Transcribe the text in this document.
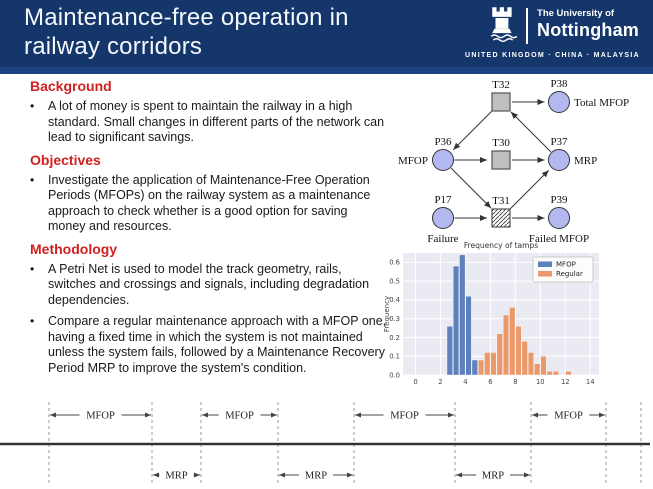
Maintenance-free operation in
railway corridors
The University of
Nottingham
UNITED KINGDOM · CHINA · MALAYSIA
Background
•	A lot of money is spent to maintain the railway in a high standard. Small changes in different parts of the network can lead to significant savings.
Objectives
•	Investigate the application of Maintenance-Free Operation Periods (MFOPs) on the railway system as a maintenance approach to check whether is a good option for saving money and resources.
Methodology
•	A Petri Net is used to model the track geometry, rails, switches and crossings and signals, including degradation dependencies.
•	Compare a regular maintenance approach with a MFOP one, having a fixed time in which the system is not maintained unless the system fails, followed by a Maintenance Recovery Period MRP to improve the system's condition.
T32
T30
T31
P38
Total MFOP
P36
MFOP
P37
MRP
P17
Failure
P39
Failed MFOP
Frequency of tamps
0	2	4	6	8	10 12 14
0.0
0.1
0.2
0.3
0.4
0.5
0.6
Frequency
MFOP
Regular
MFOP	MFOP	MFOP	MFOP
MRP	MRP	MRP
